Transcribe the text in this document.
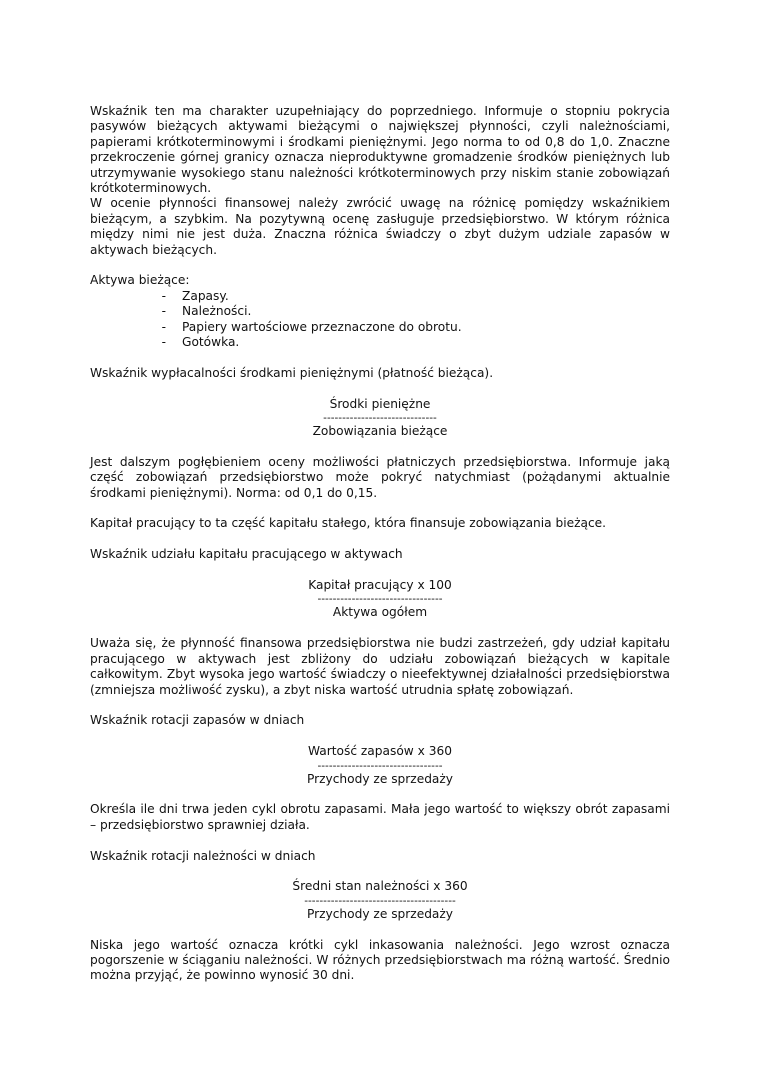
Wskaźnik ten ma charakter uzupełniający do poprzedniego. Informuje o stopniu pokrycia pasywów bieżących aktywami bieżącymi o największej płynności, czyli należnościami, papierami krótkoterminowymi i środkami pieniężnymi. Jego norma to od 0,8 do 1,0. Znaczne przekroczenie górnej granicy oznacza nieproduktywne gromadzenie środków pieniężnych lub utrzymywanie wysokiego stanu należności krótkoterminowych przy niskim stanie zobowiązań krótkoterminowych.

W ocenie płynności finansowej należy zwrócić uwagę na różnicę pomiędzy wskaźnikiem bieżącym, a szybkim. Na pozytywną ocenę zasługuje przedsiębiorstwo. W którym różnica między nimi nie jest duża. Znaczna różnica świadczy o zbyt dużym udziale zapasów w aktywach bieżących.

Aktywa bieżące:

-	Zapasy.
-	Należności.
-	Papiery wartościowe przeznaczone do obrotu.
-	Gotówka.

Wskaźnik wypłacalności środkami pieniężnymi (płatność bieżąca).

Środki pieniężne
------------------------------
Zobowiązania bieżące

Jest dalszym pogłębieniem oceny możliwości płatniczych przedsiębiorstwa. Informuje jaką część zobowiązań przedsiębiorstwo może pokryć natychmiast (pożądanymi aktualnie środkami pieniężnymi). Norma: od 0,1 do 0,15.

Kapitał pracujący to ta część kapitału stałego, która finansuje zobowiązania bieżące.

Wskaźnik udziału kapitału pracującego w aktywach

Kapitał pracujący x 100
---------------------------------
Aktywa ogółem

Uważa się, że płynność finansowa przedsiębiorstwa nie budzi zastrzeżeń, gdy udział kapitału pracującego w aktywach jest zbliżony do udziału zobowiązań bieżących w kapitale całkowitym. Zbyt wysoka jego wartość świadczy o nieefektywnej działalności przedsiębiorstwa (zmniejsza możliwość zysku), a zbyt niska wartość utrudnia spłatę zobowiązań.

Wskaźnik rotacji zapasów w dniach

Wartość zapasów x 360
---------------------------------
Przychody ze sprzedaży

Określa ile dni trwa jeden cykl obrotu zapasami. Mała jego wartość to większy obrót zapasami – przedsiębiorstwo sprawniej działa.

Wskaźnik rotacji należności w dniach

Średni stan należności x 360
----------------------------------------
Przychody ze sprzedaży

Niska jego wartość oznacza krótki cykl inkasowania należności. Jego wzrost oznacza pogorszenie w ściąganiu należności. W różnych przedsiębiorstwach ma różną wartość. Średnio można przyjąć, że powinno wynosić 30 dni.
